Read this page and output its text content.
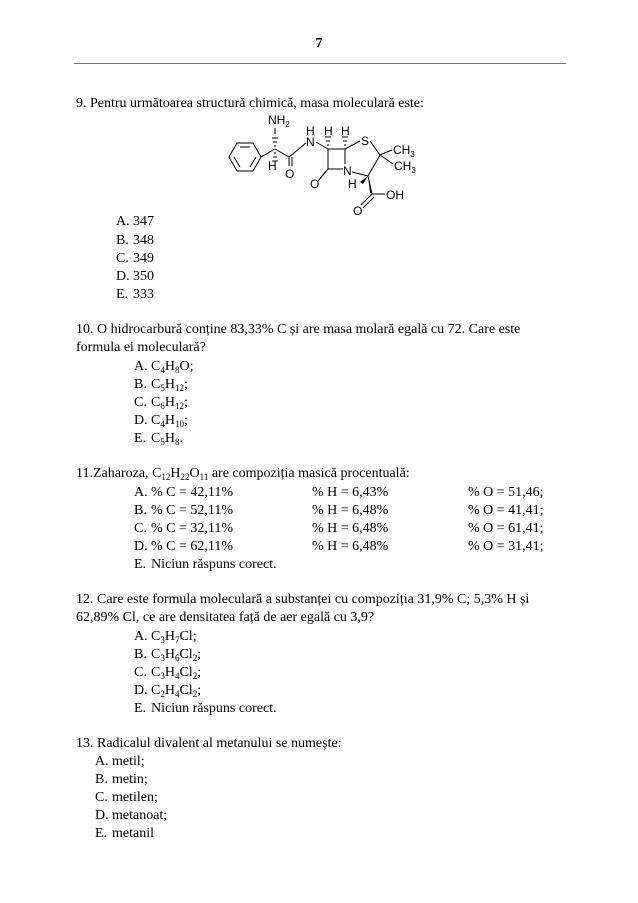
7
9. Pentru următoarea structură chimică, masa moleculară este:
$NH_2$
H
O
H
N
H H
S
N
$CH_3$
$CH_3$
O H
O
OH
A. 347
B. 348
C. 349
D. 350
E. 333
10. O hidrocarbură conține 83,33% C și are masa molară egală cu 72. Care este
formula ei moleculară?
A. $C_4H_8O$;
B. $C_5H_{12}$;
C. $C_6H_{12}$;
D. $C_4H_{10}$;
E. $C_5H_8$.
11.Zaharoza, $C_{12}H_{22}O_{11}$ are compoziția masică procentuală:
A. % C = 42,11%	% H = 6,43%	% O = 51,46;
B. % C = 52,11%	% H = 6,48%	% O = 41,41;
C. % C = 32,11%	% H = 6,48%	% O = 61,41;
D. % C = 62,11%	% H = 6,48%	% O = 31,41;
E. Niciun răspuns corect.
12. Care este formula moleculară a substanței cu compoziția 31,9% C; 5,3% H și
62,89% Cl, ce are densitatea față de aer egală cu 3,9?
A. $C_3H_7Cl$;
B. $C_3H_6Cl_2$;
C. $C_3H_4Cl_2$;
D. $C_2H_4Cl_2$;
E. Niciun răspuns corect.
13. Radicalul divalent al metanului se numește:
A. metil;
B. metin;
C. metilen;
D. metanoat;
E. metanil
